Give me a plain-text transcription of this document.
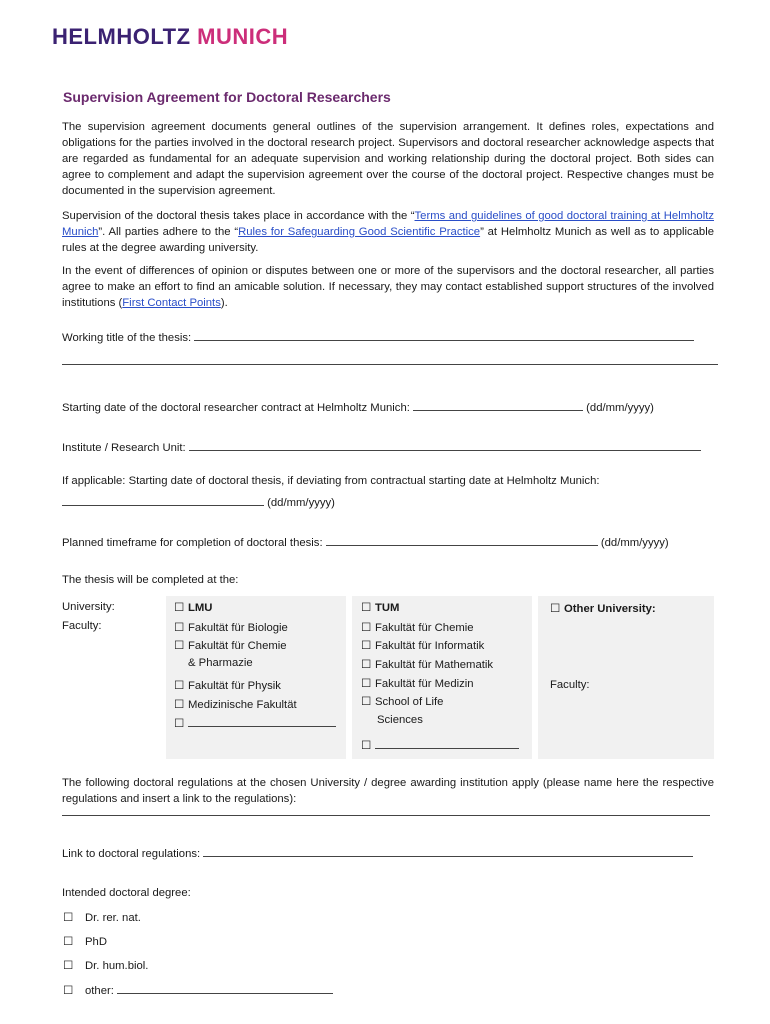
HELMHOLTZ MUNICH
Supervision Agreement for Doctoral Researchers

The supervision agreement documents general outlines of the supervision arrangement. It defines roles, expectations and obligations for the parties involved in the doctoral research project. Supervisors and doctoral researcher acknowledge aspects that are regarded as fundamental for an adequate supervision and working relationship during the doctoral project. Both sides can agree to complement and adapt the supervision agreement over the course of the doctoral project. Respective changes must be documented in the supervision agreement.

Supervision of the doctoral thesis takes place in accordance with the “Terms and guidelines of good doctoral training at Helmholtz Munich”. All parties adhere to the “Rules for Safeguarding Good Scientific Practice” at Helmholtz Munich as well as to applicable rules at the degree awarding university.

In the event of differences of opinion or disputes between one or more of the supervisors and the doctoral researcher, all parties agree to make an effort to find an amicable solution. If necessary, they may contact established support structures of the involved institutions (First Contact Points).

Working title of the thesis:
Starting date of the doctoral researcher contract at Helmholtz Munich:	(dd/mm/yyyy)
Institute / Research Unit:
If applicable: Starting date of doctoral thesis, if deviating from contractual starting date at Helmholtz Munich:
(dd/mm/yyyy)
Planned timeframe for completion of doctoral thesis:	(dd/mm/yyyy)
The thesis will be completed at the:
University:
Faculty:
☐ LMU
☐ Fakultät für Biologie
☐ Fakultät für Chemie
& Pharmazie
☐ Fakultät für Physik
☐ Medizinische Fakultät
☐
☐ TUM
☐ Fakultät für Chemie
☐ Fakultät für Informatik
☐ Fakultät für Mathematik
☐ Fakultät für Medizin
☐ School of Life
Sciences
☐
☐ Other University:
Faculty:

The following doctoral regulations at the chosen University / degree awarding institution apply (please name here the respective regulations and insert a link to the regulations):

Link to doctoral regulations:
Intended doctoral degree:
☐ Dr. rer. nat.
☐ PhD
☐ Dr. hum.biol.
☐ other:
